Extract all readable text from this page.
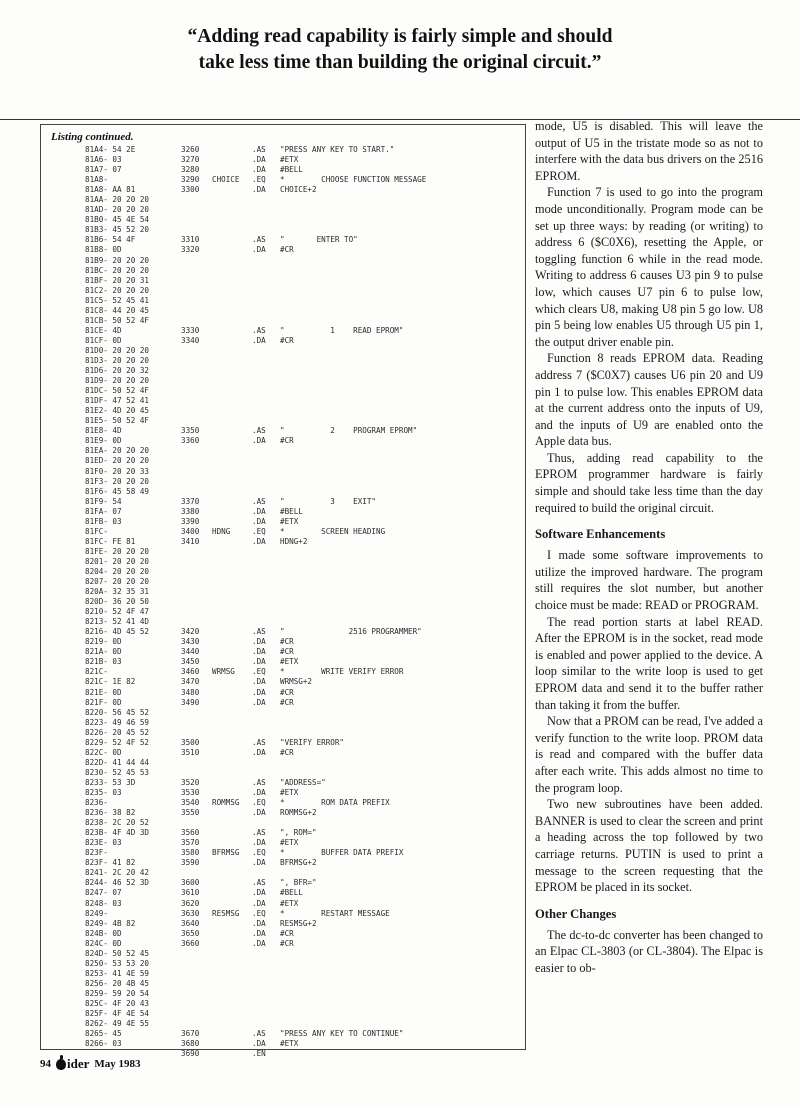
“Adding read capability is fairly simple and should
take less time than building the original circuit.”
Listing continued.
81A4- 54 2E	3260	.AS "PRESS ANY KEY TO START."
81A6- 03	3270	.DA #ETX
81A7- 07	3280	.DA #BELL
81A8-	3290 CHOICE .EQ *        CHOOSE FUNCTION MESSAGE
81A8- AA 81	3300	.DA CHOICE+2
81AA- 20 20 20
81AD- 20 20 20
81B0- 45 4E 54
81B3- 45 52 20
81B6- 54 4F	3310	.AS "       ENTER TO"
81B8- 0D	3320	.DA #CR
81B9- 20 20 20
81BC- 20 20 20
81BF- 20 20 31
81C2- 20 20 20
81C5- 52 45 41
81C8- 44 20 45
81CB- 50 52 4F
81CE- 4D	3330	.AS "          1    READ EPROM"
81CF- 0D	3340	.DA #CR
81D0- 20 20 20
81D3- 20 20 20
81D6- 20 20 32
81D9- 20 20 20
81DC- 50 52 4F
81DF- 47 52 41
81E2- 4D 20 45
81E5- 50 52 4F
81E8- 4D	3350	.AS "          2    PROGRAM EPROM"
81E9- 0D	3360	.DA #CR
81EA- 20 20 20
81ED- 20 20 20
81F0- 20 20 33
81F3- 20 20 20
81F6- 45 58 49
81F9- 54	3370	.AS "          3    EXIT"
81FA- 07	3380	.DA #BELL
81FB- 03	3390	.DA #ETX
81FC-	3400 HDNG	.EQ *        SCREEN HEADING
81FC- FE 81	3410	.DA HDNG+2
81FE- 20 20 20
8201- 20 20 20
8204- 20 20 20
8207- 20 20 20
820A- 32 35 31
820D- 36 20 50
8210- 52 4F 47
8213- 52 41 4D
8216- 4D 45 52	3420	.AS "              2516 PROGRAMMER"
8219- 0D	3430	.DA #CR
821A- 0D	3440	.DA #CR
821B- 03	3450	.DA #ETX
821C-	3460 WRMSG .EQ *        WRITE VERIFY ERROR
821C- 1E 82	3470	.DA WRMSG+2
821E- 0D	3480	.DA #CR
821F- 0D	3490	.DA #CR
8220- 56 45 52
8223- 49 46 59
8226- 20 45 52
8229- 52 4F 52	3500	.AS "VERIFY ERROR"
822C- 0D	3510	.DA #CR
822D- 41 44 44
8230- 52 45 53
8233- 53 3D	3520	.AS "ADDRESS="
8235- 03	3530	.DA #ETX
8236-	3540 ROMMSG .EQ *        ROM DATA PREFIX
8236- 38 82	3550	.DA ROMMSG+2
8238- 2C 20 52
823B- 4F 4D 3D	3560	.AS ", ROM="
823E- 03	3570	.DA #ETX
823F-	3580 BFRMSG .EQ *        BUFFER DATA PREFIX
823F- 41 82	3590	.DA BFRMSG+2
8241- 2C 20 42
8244- 46 52 3D	3600	.AS ", BFR="
8247- 07	3610	.DA #BELL
8248- 03	3620	.DA #ETX
8249-	3630 RESMSG .EQ *        RESTART MESSAGE
8249- 4B 82	3640	.DA RESMSG+2
824B- 0D	3650	.DA #CR
824C- 0D	3660	.DA #CR
824D- 50 52 45
8250- 53 53 20
8253- 41 4E 59
8256- 20 4B 45
8259- 59 20 54
825C- 4F 20 43
825F- 4F 4E 54
8262- 49 4E 55
8265- 45	3670	.AS "PRESS ANY KEY TO CONTINUE"
8266- 03	3680	.DA #ETX
3690	.EN

mode, U5 is disabled. This will leave the output of U5 in the tristate mode so as not to interfere with the data bus drivers on the 2516 EPROM.

Function 7 is used to go into the program mode unconditionally. Program mode can be set up three ways: by reading (or writing) to address 6 ($C0X6), resetting the Apple, or toggling function 6 while in the read mode. Writing to address 6 causes U3 pin 9 to pulse low, which causes U7 pin 6 to pulse low, which clears U8, making U8 pin 5 go low. U8 pin 5 being low enables U5 through U5 pin 1, the output driver enable pin.

Function 8 reads EPROM data. Reading address 7 ($C0X7) causes U6 pin 20 and U9 pin 1 to pulse low. This enables EPROM data at the current address onto the inputs of U9, and the inputs of U9 are enabled onto the Apple data bus.

Thus, adding read capability to the EPROM programmer hardware is fairly simple and should take less time than the day required to build the original circuit.

Software Enhancements

I made some software improvements to utilize the improved hardware. The program still requires the slot number, but another choice must be made: READ or PROGRAM.

The read portion starts at label READ. After the EPROM is in the socket, read mode is enabled and power applied to the device. A loop similar to the write loop is used to get EPROM data and send it to the buffer rather than taking it from the buffer.

Now that a PROM can be read, I've added a verify function to the write loop. PROM data is read and compared with the buffer data after each write. This adds almost no time to the program loop.

Two new subroutines have been added. BANNER is used to clear the screen and print a heading across the top followed by two carriage returns. PUTIN is used to print a message to the screen requesting that the EPROM be placed in its socket.

Other Changes

The dc-to-dc converter has been changed to an Elpac CL-3803 (or CL-3804). The Elpac is easier to ob-

94 ider May 1983
